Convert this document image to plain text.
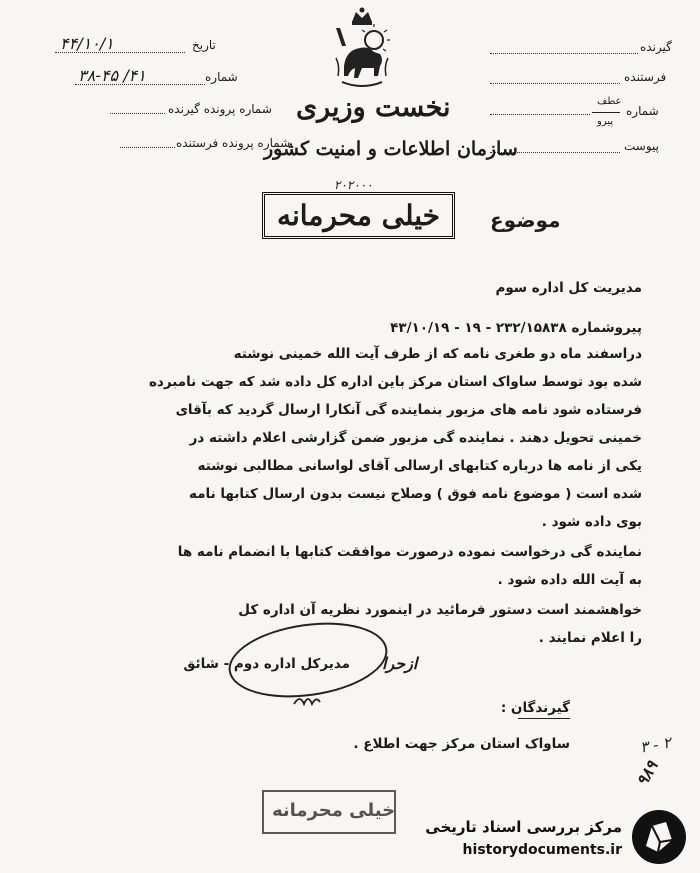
۴۴/۱۰/۱	تاریخ
۳۸-۴۵ /۴۱	شماره
شماره پرونده گیرنده
شماره پرونده فرستنده
نخست وزیری
سازمان اطلاعات و امنیت کشور
گیرنده
فرستنده
عطف
پیرو
شماره
پیوست
۲۰۲۰۰۰
خیلی محرمانه	موضوع
مدیریت کل اداره سوم
پیروشماره ۲۳۲/۱۵۸۳۸ - ۱۹ - ۴۳/۱۰/۱۹
دراسفند ماه دو طغری نامه که از طرف آیت الله خمینی نوشته
شده بود توسط ساواک استان مرکز باین اداره کل داده شد که جهت نامبرده
فرستاده شود نامه های مزبور بنماینده گی آنکارا ارسال گردید که بآقای
خمینی تحویل دهند . نماینده گی مزبور ضمن گزارشی اعلام داشته در
یکی از نامه ها درباره کتابهای ارسالی آقای لواسانی مطالبی نوشته
شده است ( موضوع نامه فوق ) وصلاح نیست بدون ارسال کتابها نامه
بوی داده شود .
نماینده گی درخواست نموده درصورت موافقت کتابها با انضمام نامه ها
به آیت الله داده شود .
خواهشمند است دستور فرمائید در اینمورد نظریه آن اداره کل
را اعلام نمایند .
مدیرکل اداره دوم - شائق ازحرا
گیرندگان :
ساواک استان مرکز جهت اطلاع .	۳ - ۲
۹۸۹
خیلی محرمانه
مرکز بررسی اسناد تاریخی
historydocuments.ir
